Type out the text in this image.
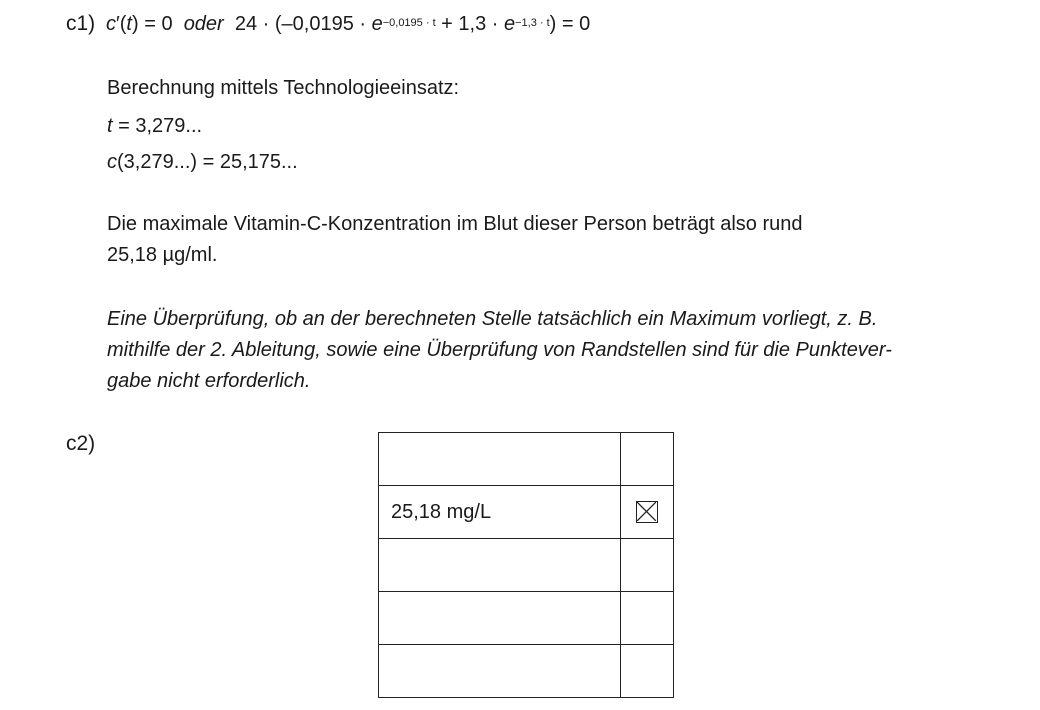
c1) c′(t) = 0 oder $24 \cdot (-0,0195 \cdot e^{-0,0195 \cdot t} + 1,3 \cdot e^{-1,3 \cdot t}) = 0$
Berechnung mittels Technologieeinsatz:
t = 3,279...
c(3,279...) = 25,175...
Die maximale Vitamin-C-Konzentration im Blut dieser Person beträgt also rund
25,18 µg/ml.
Eine Überprüfung, ob an der berechneten Stelle tatsächlich ein Maximum vorliegt, z. B.
mithilfe der 2. Ableitung, sowie eine Überprüfung von Randstellen sind für die Punktever-
gabe nicht erforderlich.
c2)
25,18 mg/L
